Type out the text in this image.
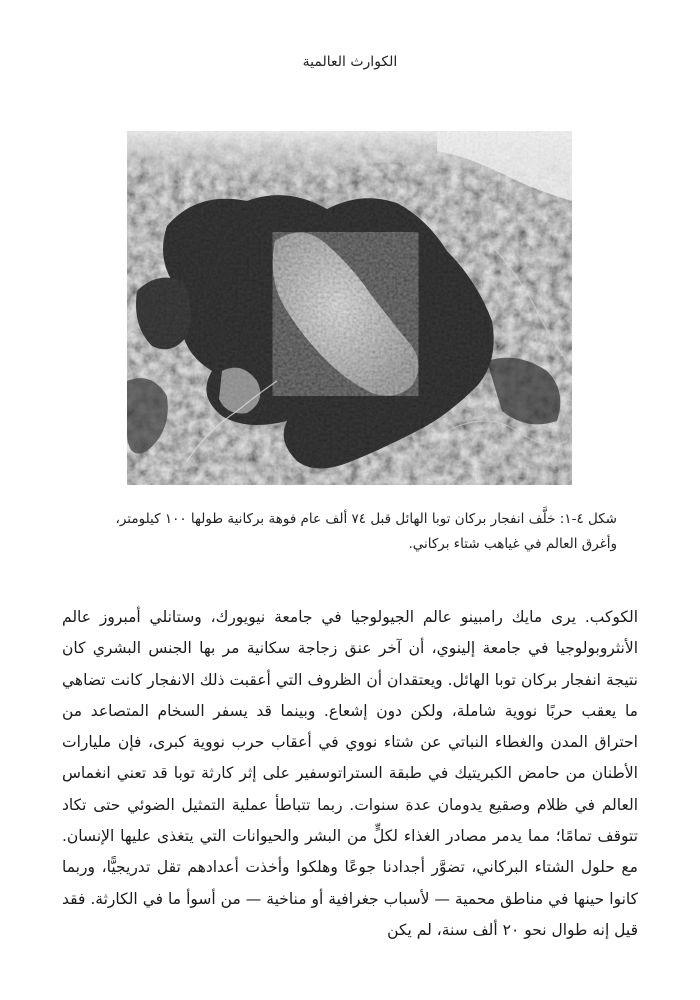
الكوارث العالمية
شكل ٤-١: خلَّف انفجار بركان توبا الهائل قبل ٧٤ ألف عام فوهة بركانية طولها ١٠٠ كيلومتر، وأغرق العالم في غياهب شتاء بركاني.

الكوكب. يرى مايك رامبينو عالم الجيولوجيا في جامعة نيويورك، وستانلي أمبروز عالم الأنثروبولوجيا في جامعة إلينوي، أن آخر عنق زجاجة سكانية مر بها الجنس البشري كان نتيجة انفجار بركان توبا الهائل. ويعتقدان أن الظروف التي أعقبت ذلك الانفجار كانت تضاهي ما يعقب حربًا نووية شاملة، ولكن دون إشعاع. وبينما قد يسفر السخام المتصاعد من احتراق المدن والغطاء النباتي عن شتاء نووي في أعقاب حرب نووية كبرى، فإن مليارات الأطنان من حامض الكبريتيك في طبقة الستراتوسفير على إثر كارثة توبا قد تعني انغماس العالم في ظلام وصقيع يدومان عدة سنوات. ربما تتباطأ عملية التمثيل الضوئي حتى تكاد تتوقف تمامًا؛ مما يدمر مصادر الغذاء لكلٍّ من البشر والحيوانات التي يتغذى عليها الإنسان. مع حلول الشتاء البركاني، تضوَّر أجدادنا جوعًا وهلكوا وأخذت أعدادهم تقل تدريجيًّا، وربما كانوا حينها في مناطق محمية — لأسباب جغرافية أو مناخية — من أسوأ ما في الكارثة. فقد قيل إنه طوال نحو ٢٠ ألف سنة، لم يكن
